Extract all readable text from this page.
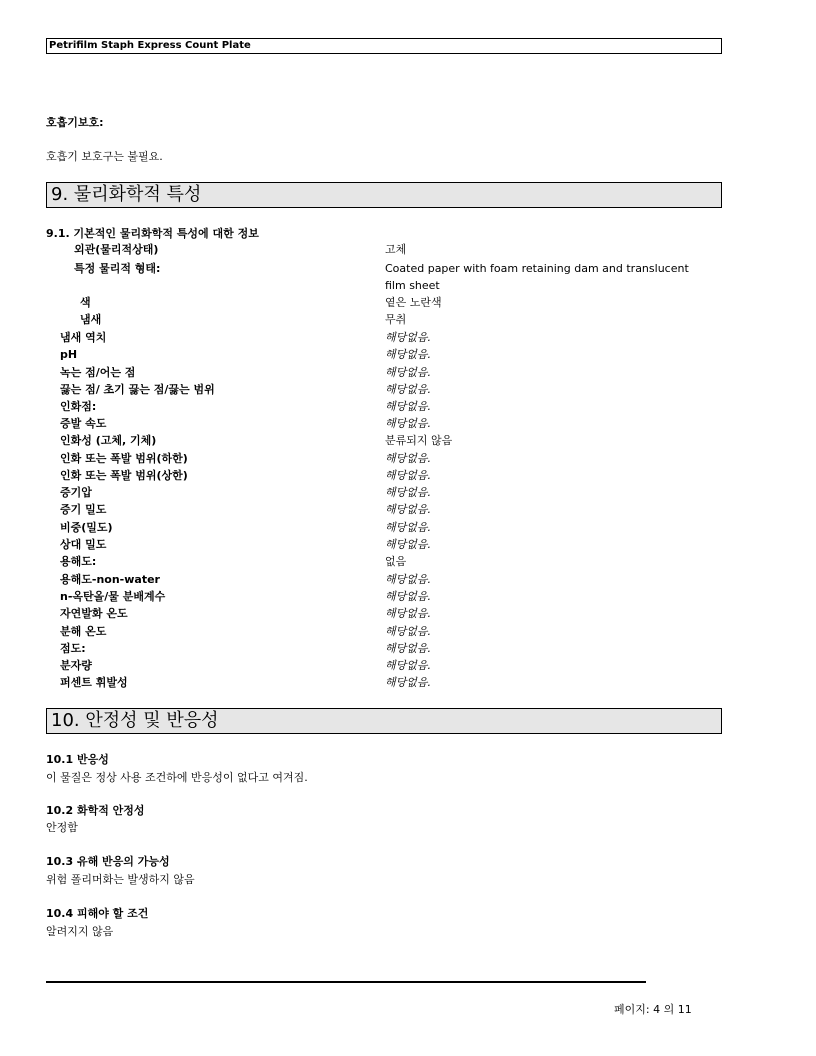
Petrifilm Staph Express Count Plate
호흡기보호:
호흡기 보호구는 불필요.
9. 물리화학적 특성
9.1. 기본적인 물리화학적 특성에 대한 정보
외관(물리적상태)	고체
특정 물리적 형태:	Coated paper with foam retaining dam and translucent
film sheet
색	옅은 노란색
냄새	무취
냄새 역치	해당없음.
pH	해당없음.
녹는 점/어는 점	해당없음.
끓는 점/ 초기 끓는 점/끓는 범위	해당없음.
인화점:	해당없음.
증발 속도	해당없음.
인화성 (고체, 기체)	분류되지 않음
인화 또는 폭발 범위(하한)	해당없음.
인화 또는 폭발 범위(상한)	해당없음.
증기압	해당없음.
증기 밀도	해당없음.
비중(밀도)	해당없음.
상대 밀도	해당없음.
용해도:	없음
용해도-non-water	해당없음.
n-옥탄올/물 분배계수	해당없음.
자연발화 온도	해당없음.
분해 온도	해당없음.
점도:	해당없음.
분자량	해당없음.
퍼센트 휘발성	해당없음.
10. 안정성 및 반응성
10.1 반응성
이 물질은 정상 사용 조건하에 반응성이 없다고 여겨짐.
10.2 화학적 안정성
안정함
10.3 유해 반응의 가능성
위험 폴리머화는 발생하지 않음
10.4 피해야 할 조건
알려지지 않음
페이지: 4 의 11
